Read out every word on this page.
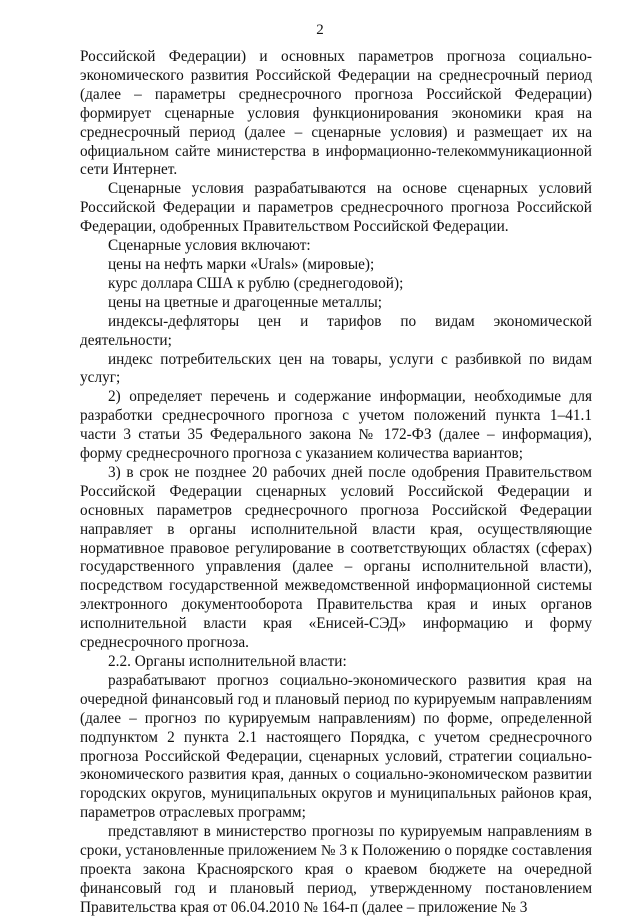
2

Российской Федерации) и основных параметров прогноза социально-экономического развития Российской Федерации на среднесрочный период (далее – параметры среднесрочного прогноза Российской Федерации) формирует сценарные условия функционирования экономики края на среднесрочный период (далее – сценарные условия) и размещает их на официальном сайте министерства в информационно-телекоммуникационной сети Интернет.

Сценарные условия разрабатываются на основе сценарных условий Российской Федерации и параметров среднесрочного прогноза Российской Федерации, одобренных Правительством Российской Федерации.

Сценарные условия включают:

цены на нефть марки «Urals» (мировые);

курс доллара США к рублю (среднегодовой);

цены на цветные и драгоценные металлы;

индексы-дефляторы цен и тарифов по видам экономической деятельности;

индекс потребительских цен на товары, услуги с разбивкой по видам услуг;

2) определяет перечень и содержание информации, необходимые для разработки среднесрочного прогноза с учетом положений пункта 1–41.1 части 3 статьи 35 Федерального закона № 172-ФЗ (далее – информация), форму среднесрочного прогноза с указанием количества вариантов;

3) в срок не позднее 20 рабочих дней после одобрения Правительством Российской Федерации сценарных условий Российской Федерации и основных параметров среднесрочного прогноза Российской Федерации направляет в органы исполнительной власти края, осуществляющие нормативное правовое регулирование в соответствующих областях (сферах) государственного управления (далее – органы исполнительной власти), посредством государственной межведомственной информационной системы электронного документооборота Правительства края и иных органов исполнительной власти края «Енисей-СЭД» информацию и форму среднесрочного прогноза.

2.2. Органы исполнительной власти:

разрабатывают прогноз социально-экономического развития края на очередной финансовый год и плановый период по курируемым направлениям (далее – прогноз по курируемым направлениям) по форме, определенной подпунктом 2 пункта 2.1 настоящего Порядка, с учетом среднесрочного прогноза Российской Федерации, сценарных условий, стратегии социально-экономического развития края, данных о социально-экономическом развитии городских округов, муниципальных округов и муниципальных районов края, параметров отраслевых программ;

представляют в министерство прогнозы по курируемым направлениям в сроки, установленные приложением № 3 к Положению о порядке составления проекта закона Красноярского края о краевом бюджете на очередной финансовый год и плановый период, утвержденному постановлением Правительства края от 06.04.2010 № 164-п (далее – приложение № 3
